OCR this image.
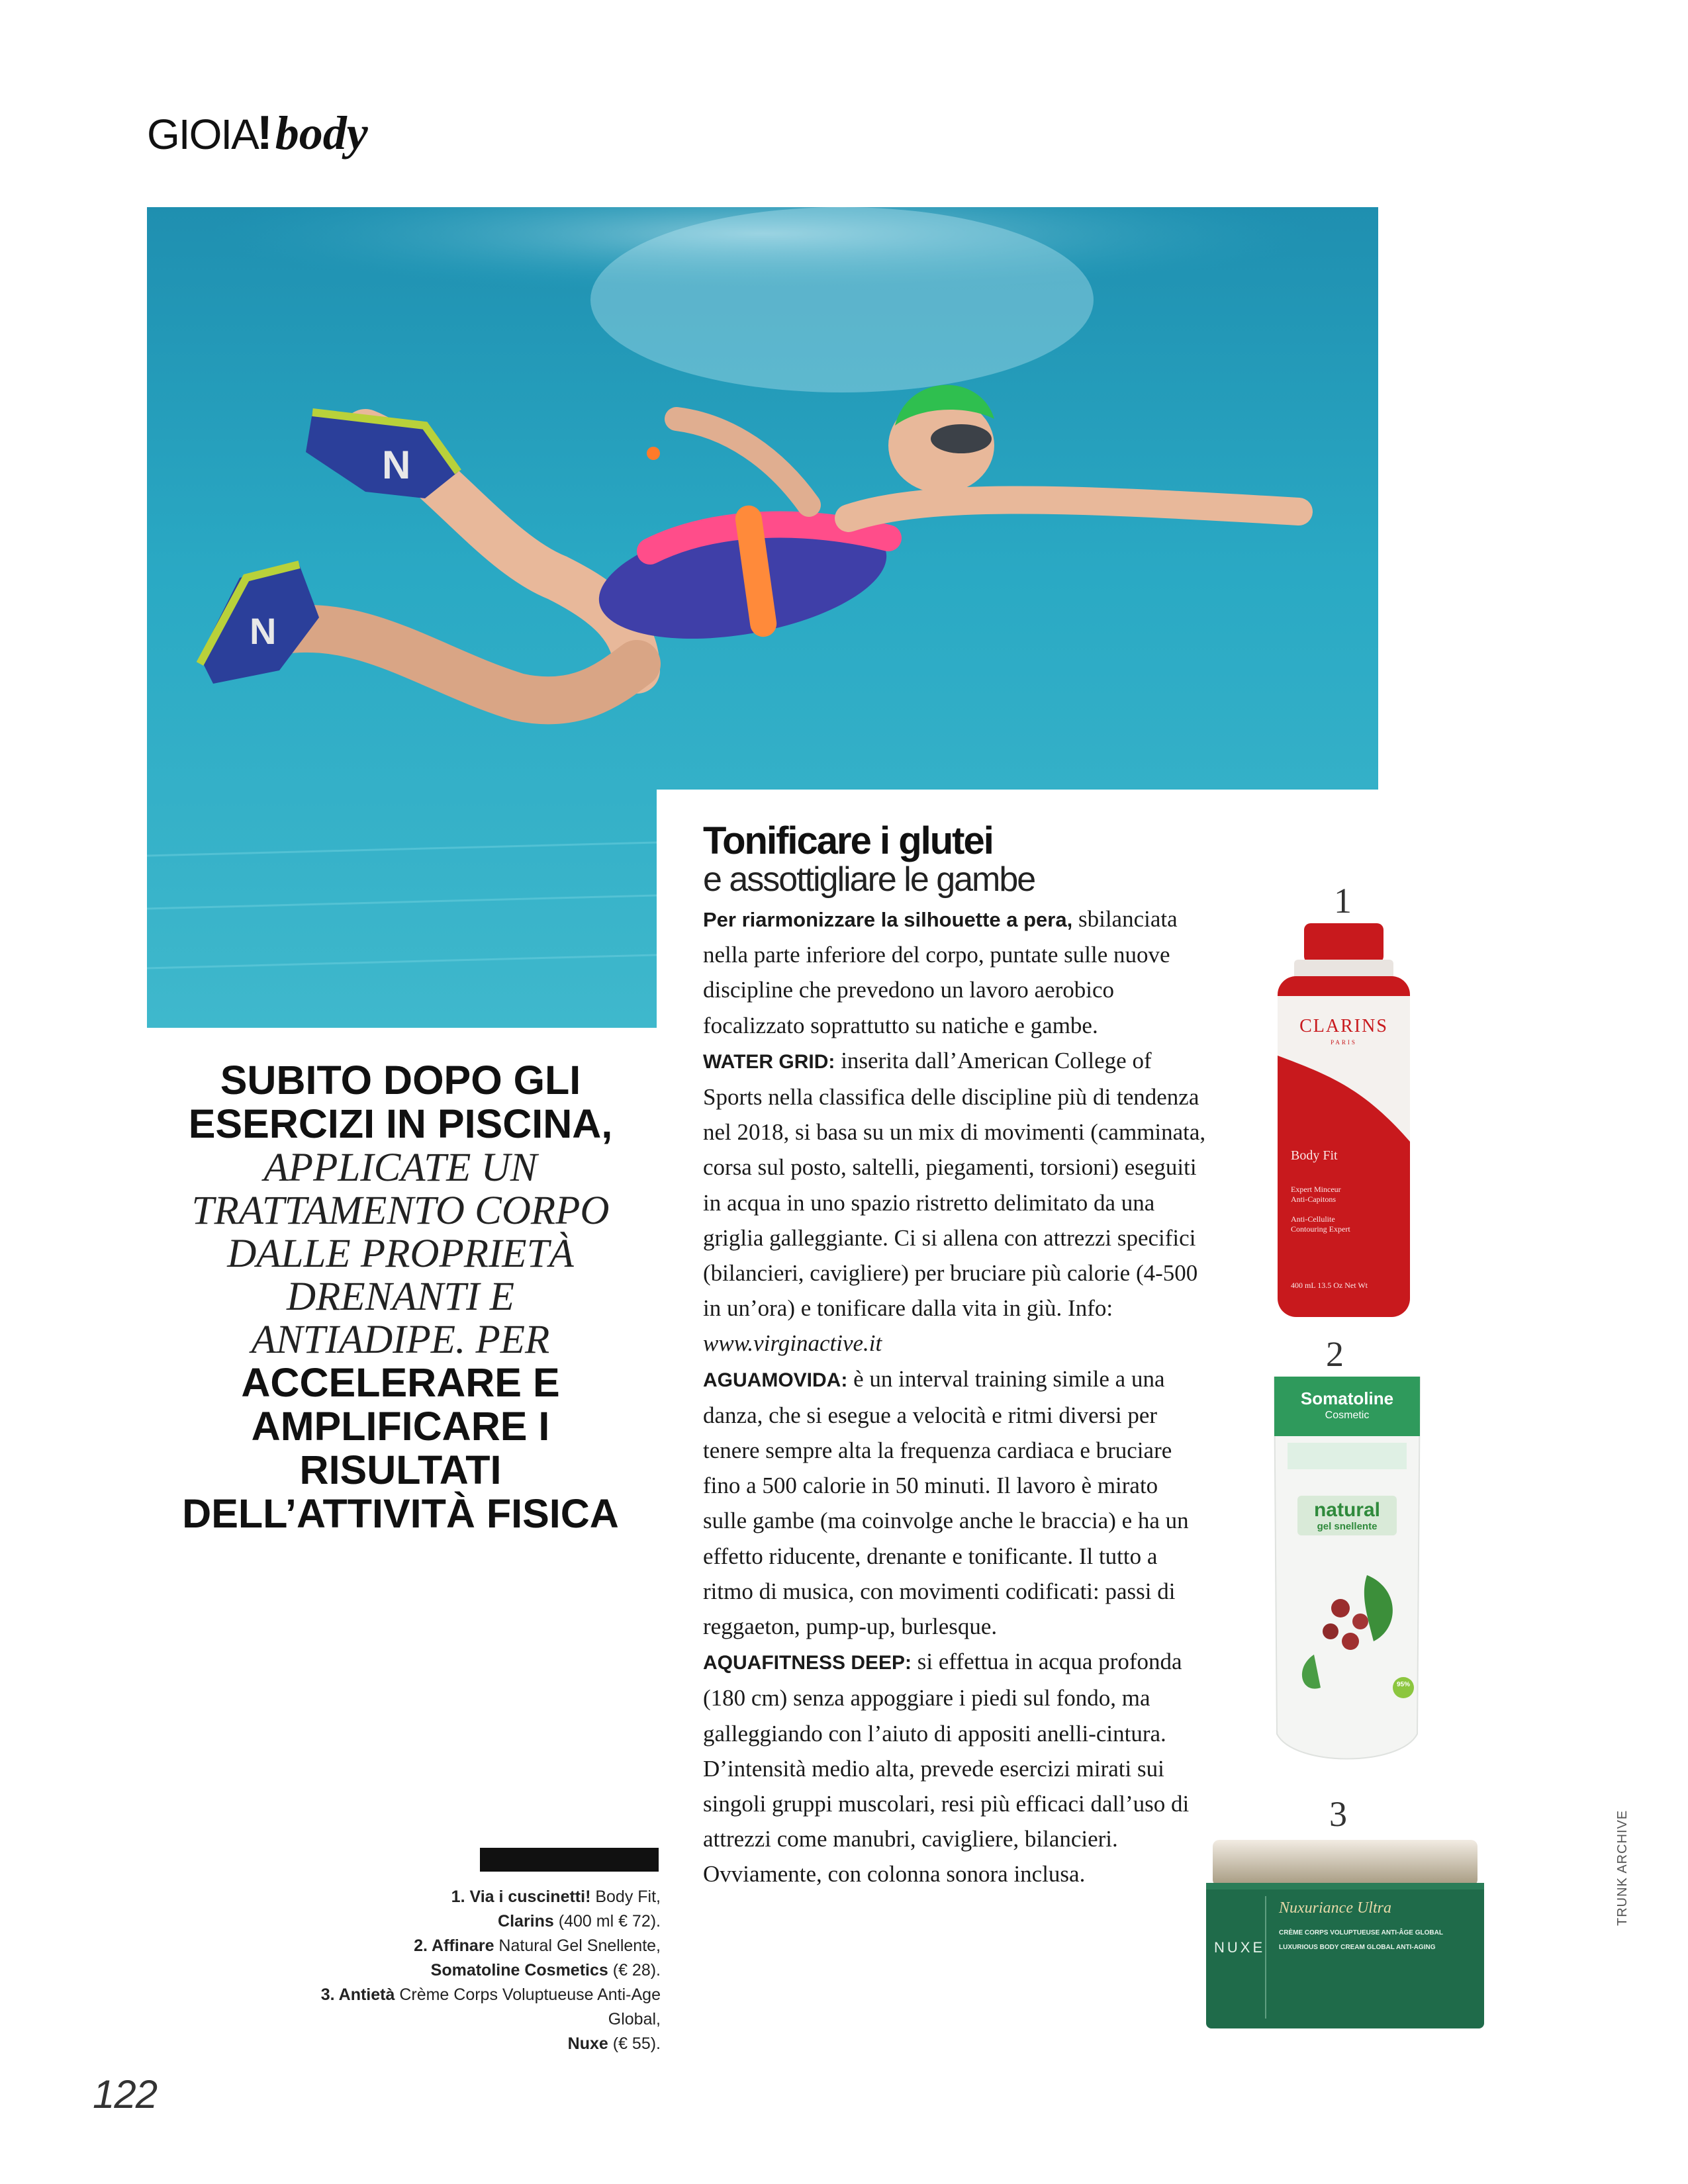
GIOIA
! body
N
N
SUBITO DOPO GLI ESERCIZI IN PISCINA, APPLICATE UN TRATTAMENTO CORPO DALLE PROPRIETÀ DRENANTI E ANTIADIPE. PER ACCELERARE E AMPLIFICARE I RISULTATI DELL’ATTIVITÀ FISICA
1. Via i cuscinetti! Body Fit,
Clarins (400 ml € 72).
2. Affinare Natural Gel Snellente,
Somatoline Cosmetics (€ 28).
3. Antietà Crème Corps Voluptueuse Anti-Age Global,
Nuxe (€ 55).
Tonificare i glutei
e assottigliare le gambe
Per riarmonizzare la silhouette a pera, sbilanciata nella parte inferiore del corpo, puntate sulle nuove discipline che prevedono un lavoro aerobico focalizzato soprattutto su natiche e gambe.
WATER GRID: inserita dall’American College of Sports nella classifica delle discipline più di tendenza nel 2018, si basa su un mix di movimenti (camminata, corsa sul posto, saltelli, piegamenti, torsioni) eseguiti in acqua in uno spazio ristretto delimitato da una griglia galleggiante. Ci si allena con attrezzi specifici (bilancieri, cavigliere) per bruciare più calorie (4-500 in un’ora) e tonificare dalla vita in giù. Info: www.virginactive.it
AGUAMOVIDA: è un interval training simile a una danza, che si esegue a velocità e ritmi diversi per tenere sempre alta la frequenza cardiaca e bruciare fino a 500 calorie in 50 minuti. Il lavoro è mirato sulle gambe (ma coinvolge anche le braccia) e ha un effetto riducente, drenante e tonificante. Il tutto a ritmo di musica, con movimenti codificati: passi di reggaeton, pump-up, burlesque.
AQUAFITNESS DEEP: si effettua in acqua profonda (180 cm) senza appoggiare i piedi sul fondo, ma galleggiando con l’aiuto di appositi anelli-cintura. D’intensità medio alta, prevede esercizi mirati sui singoli gruppi muscolari, resi più efficaci dall’uso di attrezzi come manubri, cavigliere, bilancieri. Ovviamente, con colonna sonora inclusa.
1
CLARINS
PARIS
Body Fit
Expert Minceur
Anti-Capitons

Anti-Cellulite
Contouring Expert
400 mL 13.5 Oz Net Wt
2
Somatoline
Cosmetic
natural
gel snellente
95%
3
NUXE
Nuxuriance Ultra
CRÈME CORPS VOLUPTUEUSE ANTI-ÂGE GLOBAL
LUXURIOUS BODY CREAM GLOBAL ANTI-AGING
122
TRUNK ARCHIVE
